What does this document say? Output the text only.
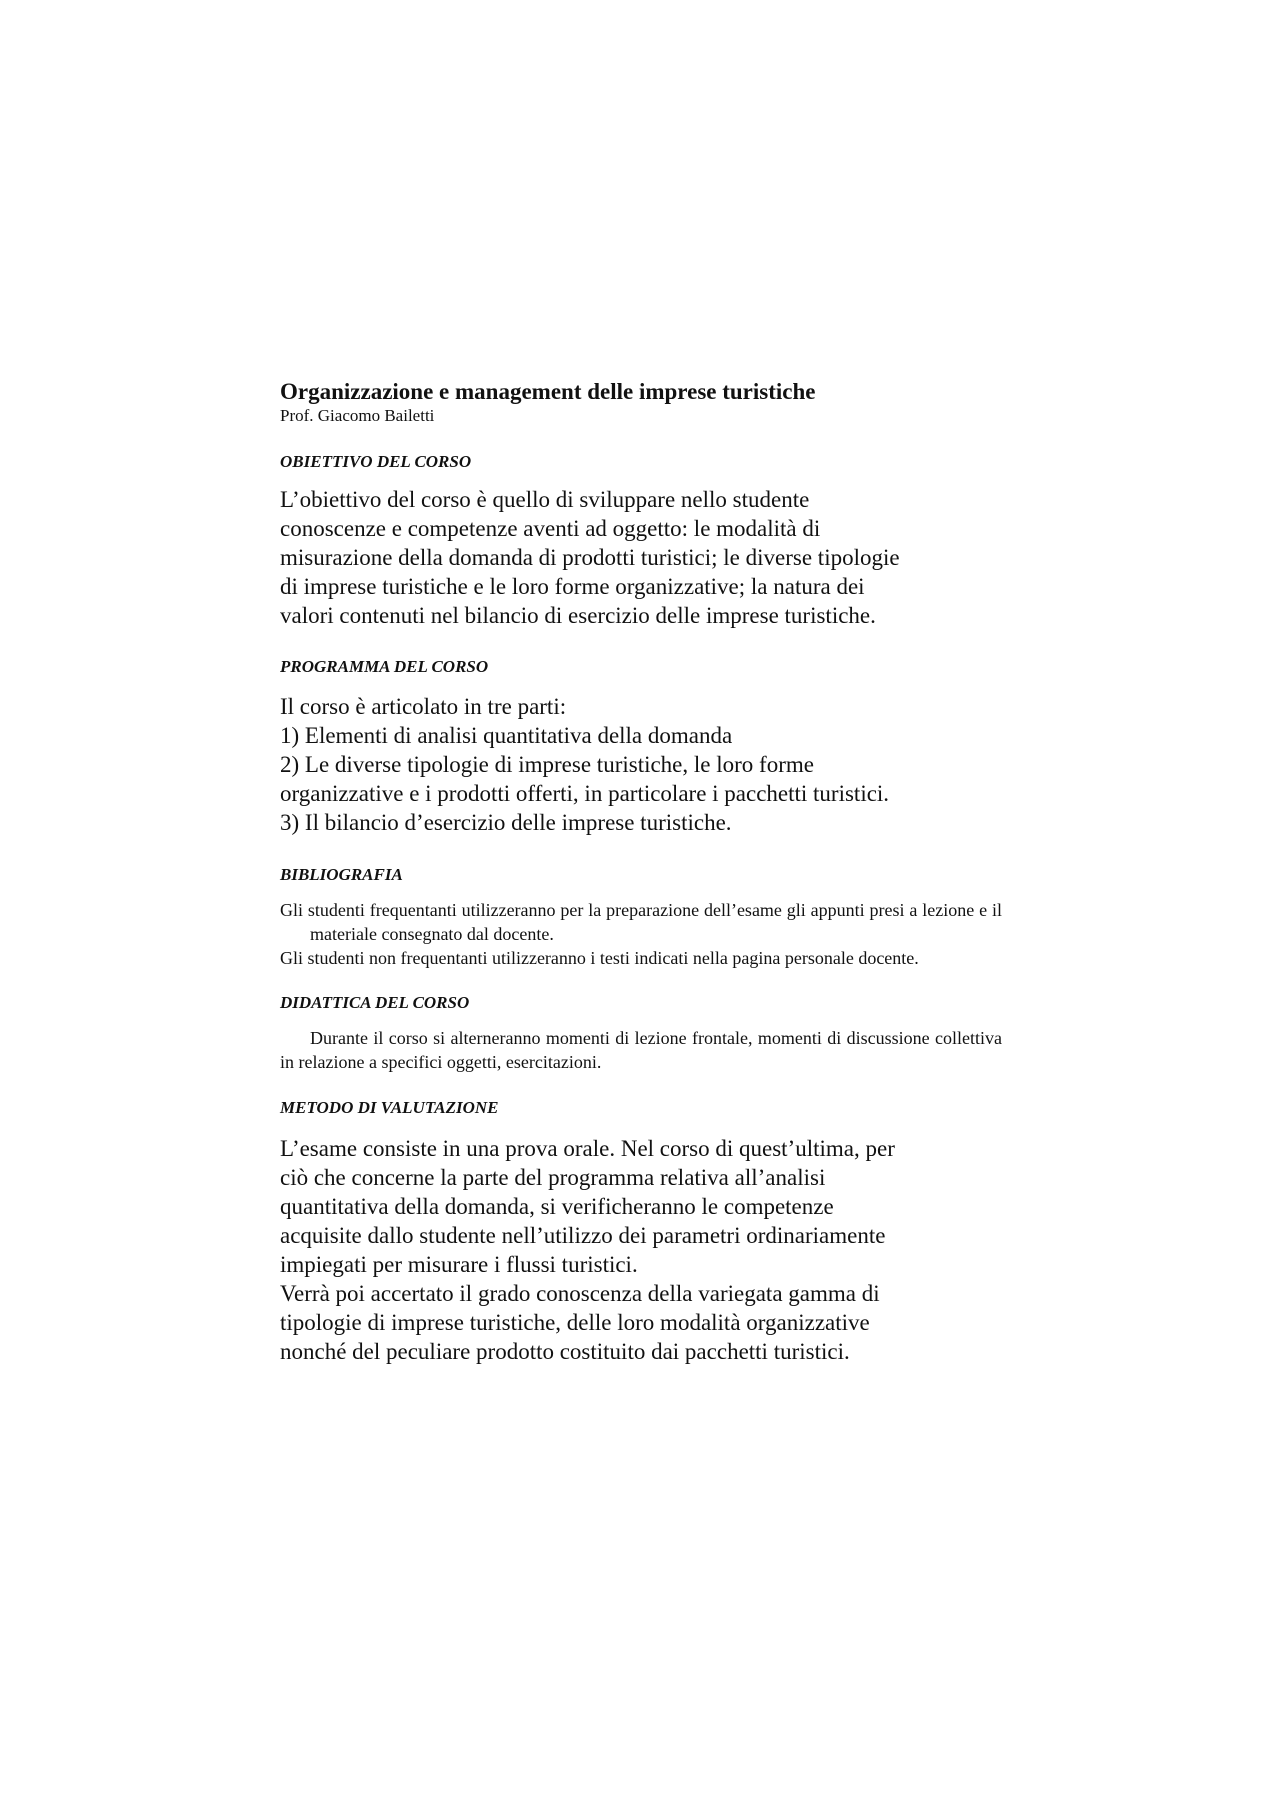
Organizzazione e management delle imprese turistiche

Prof. Giacomo Bailetti

OBIETTIVO DEL CORSO

L’obiettivo del corso è quello di sviluppare nello studente
conoscenze e competenze aventi ad oggetto: le modalità di
misurazione della domanda di prodotti turistici; le diverse tipologie
di imprese turistiche e le loro forme organizzative; la natura dei
valori contenuti nel bilancio di esercizio delle imprese turistiche.

PROGRAMMA DEL CORSO

Il corso è articolato in tre parti:
1) Elementi di analisi quantitativa della domanda
2) Le diverse tipologie di imprese turistiche, le loro forme
organizzative e i prodotti offerti, in particolare i pacchetti turistici.
3) Il bilancio d’esercizio delle imprese turistiche.

BIBLIOGRAFIA

Gli studenti frequentanti utilizzeranno per la preparazione dell’esame gli appunti presi a lezione e il materiale consegnato dal docente.

Gli studenti non frequentanti utilizzeranno i testi indicati nella pagina personale docente.

DIDATTICA DEL CORSO

Durante il corso si alterneranno momenti di lezione frontale, momenti di discussione collettiva in relazione a specifici oggetti, esercitazioni.

METODO DI VALUTAZIONE

L’esame consiste in una prova orale. Nel corso di quest’ultima, per
ciò che concerne la parte del programma relativa all’analisi
quantitativa della domanda, si verificheranno le competenze
acquisite dallo studente nell’utilizzo dei parametri ordinariamente
impiegati per misurare i flussi turistici.
Verrà poi accertato il grado conoscenza della variegata gamma di
tipologie di imprese turistiche, delle loro modalità organizzative
nonché del peculiare prodotto costituito dai pacchetti turistici.
